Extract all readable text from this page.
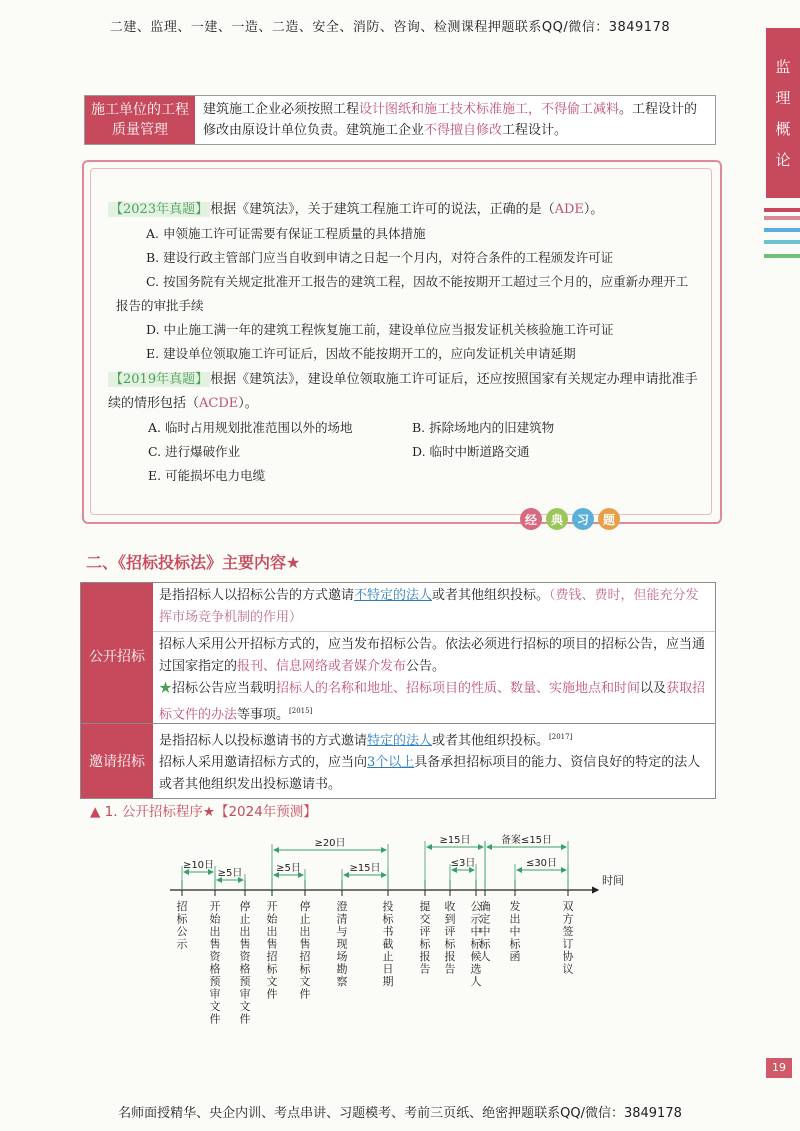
二建、监理、一建、一造、二造、安全、消防、咨询、检测课程押题联系QQ/微信：3849178
监
理
概
论
施工单位的工程
质量管理
建筑施工企业必须按照工程设计图纸和施工技术标准施工，不得偷工减料。工程设计的修改由原设计单位负责。建筑施工企业不得擅自修改工程设计。
【2023年真题】 根据《建筑法》，关于建筑工程施工许可的说法，正确的是（ADE）。
A. 申领施工许可证需要有保证工程质量的具体措施
B. 建设行政主管部门应当自收到申请之日起一个月内，对符合条件的工程颁发许可证
C. 按国务院有关规定批准开工报告的建筑工程，因故不能按期开工超过三个月的，应重新办理开工报告的审批手续
D. 中止施工满一年的建筑工程恢复施工前，建设单位应当报发证机关核验施工许可证
E. 建设单位领取施工许可证后，因故不能按期开工的，应向发证机关申请延期
【2019年真题】 根据《建筑法》，建设单位领取施工许可证后，还应按照国家有关规定办理申请批准手续的情形包括（ACDE）。
A. 临时占用规划批准范围以外的场地	B. 拆除场地内的旧建筑物
C. 进行爆破作业	D. 临时中断道路交通
E. 可能损坏电力电缆
经	典	习	题
二、《招标投标法》主要内容★
公开招标
是指招标人以招标公告的方式邀请不特定的法人或者其他组织投标。（费钱、费时，但能充分发挥市场竞争机制的作用）
招标人采用公开招标方式的，应当发布招标公告。依法必须进行招标的项目的招标公告，应当通过国家指定的报刊、信息网络或者媒介发布公告。
★招标公告应当载明招标人的名称和地址、招标项目的性质、数量、实施地点和时间以及获取招标文件的办法等事项。[2015]
邀请招标
是指招标人以投标邀请书的方式邀请特定的法人或者其他组织投标。[2017]
招标人采用邀请招标方式的，应当向3个以上具备承担招标项目的能力、资信良好的特定的法人或者其他组织发出投标邀请书。
▲ 1. 公开招标程序★【2024年预测】
时间
≥10日
≥5日
≥20日
≥5日	≥15日
≥15日
≤3日
备案≤15日
≤30日
招标公示
开始出售资格预审文件
停止出售资格预审文件
开始出售招标文件
停止出售招标文件
澄清与现场勘察
投标书截止日期
提交评标报告
收到评标报告
公示中标候选人
确定中标人
发出中标函
双方签订协议
19
名师面授精华、央企内训、考点串讲、习题模考、考前三页纸、绝密押题联系QQ/微信：3849178
